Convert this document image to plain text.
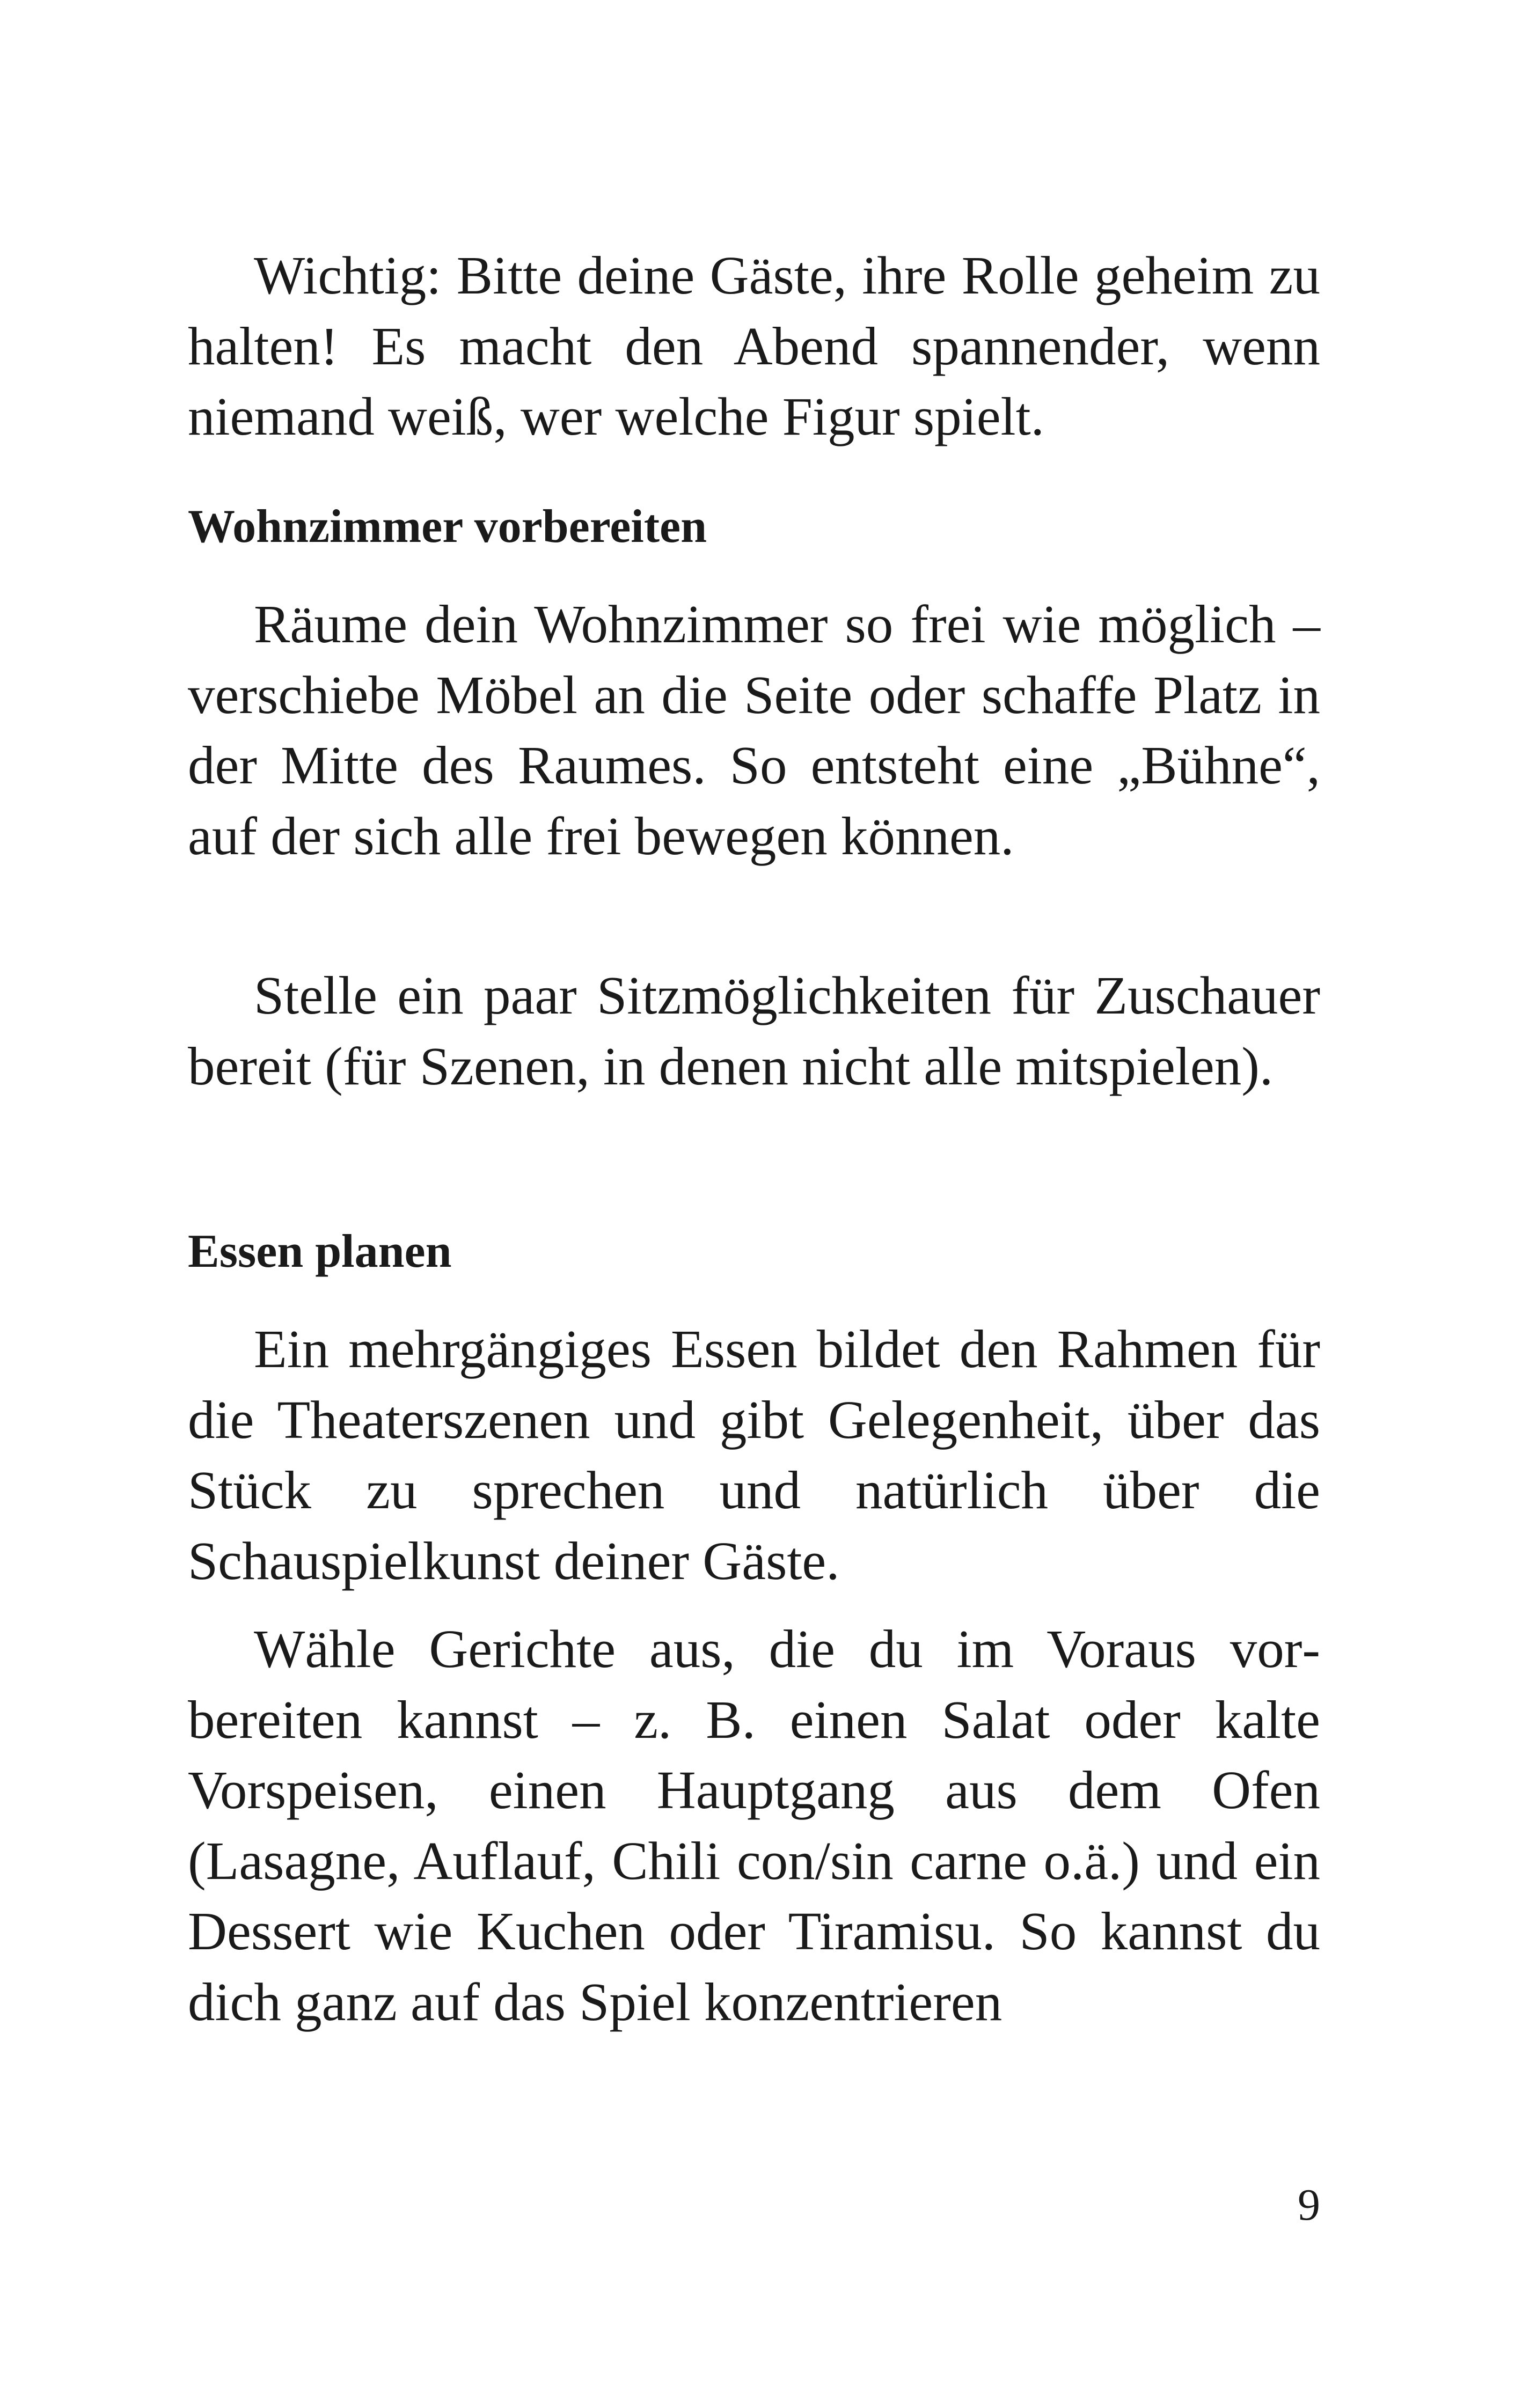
Wichtig: Bitte deine Gäste, ihre Rolle geheim zu halten! Es macht den Abend spannender, wenn niemand weiß, wer welche Figur spielt.

Wohnzimmer vorbereiten

Räume dein Wohnzimmer so frei wie möglich – verschiebe Möbel an die Seite oder schaffe Platz in der Mitte des Raumes. So entsteht eine „Bühne“, auf der sich alle frei bewegen können.

Stelle ein paar Sitzmöglichkeiten für Zuschauer bereit (für Szenen, in denen nicht alle mitspielen).

Essen planen

Ein mehrgängiges Essen bildet den Rahmen für die Theaterszenen und gibt Gelegenheit, über das Stück zu sprechen und natürlich über die Schauspielkunst deiner Gäste.

Wähle Gerichte aus, die du im Voraus vorbereiten kannst – z. B. einen Salat oder kalte Vorspeisen, einen Hauptgang aus dem Ofen (Lasagne, Auflauf, Chili con/sin carne o.ä.) und ein Dessert wie Kuchen oder Tiramisu. So kannst du dich ganz auf das Spiel konzentrieren

9
